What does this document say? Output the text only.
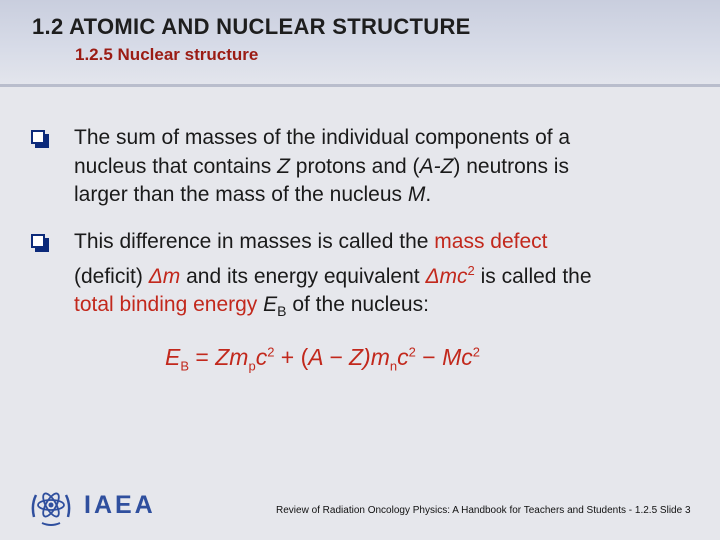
1.2 ATOMIC AND NUCLEAR STRUCTURE
1.2.5 Nuclear structure
The sum of masses of the individual components of a
nucleus that contains Z protons and (A-Z) neutrons is
larger than the mass of the nucleus M.
This difference in masses is called the mass defect
(deficit) Δm and its energy equivalent Δmc$^2$ is called the
total binding energy $E_B$ of the nucleus:
$E_B = Zm_pc^2 + (A - Z)m_nc^2 - Mc^2$
IAEA	Review of Radiation Oncology Physics: A Handbook for Teachers and Students - 1.2.5 Slide 3
